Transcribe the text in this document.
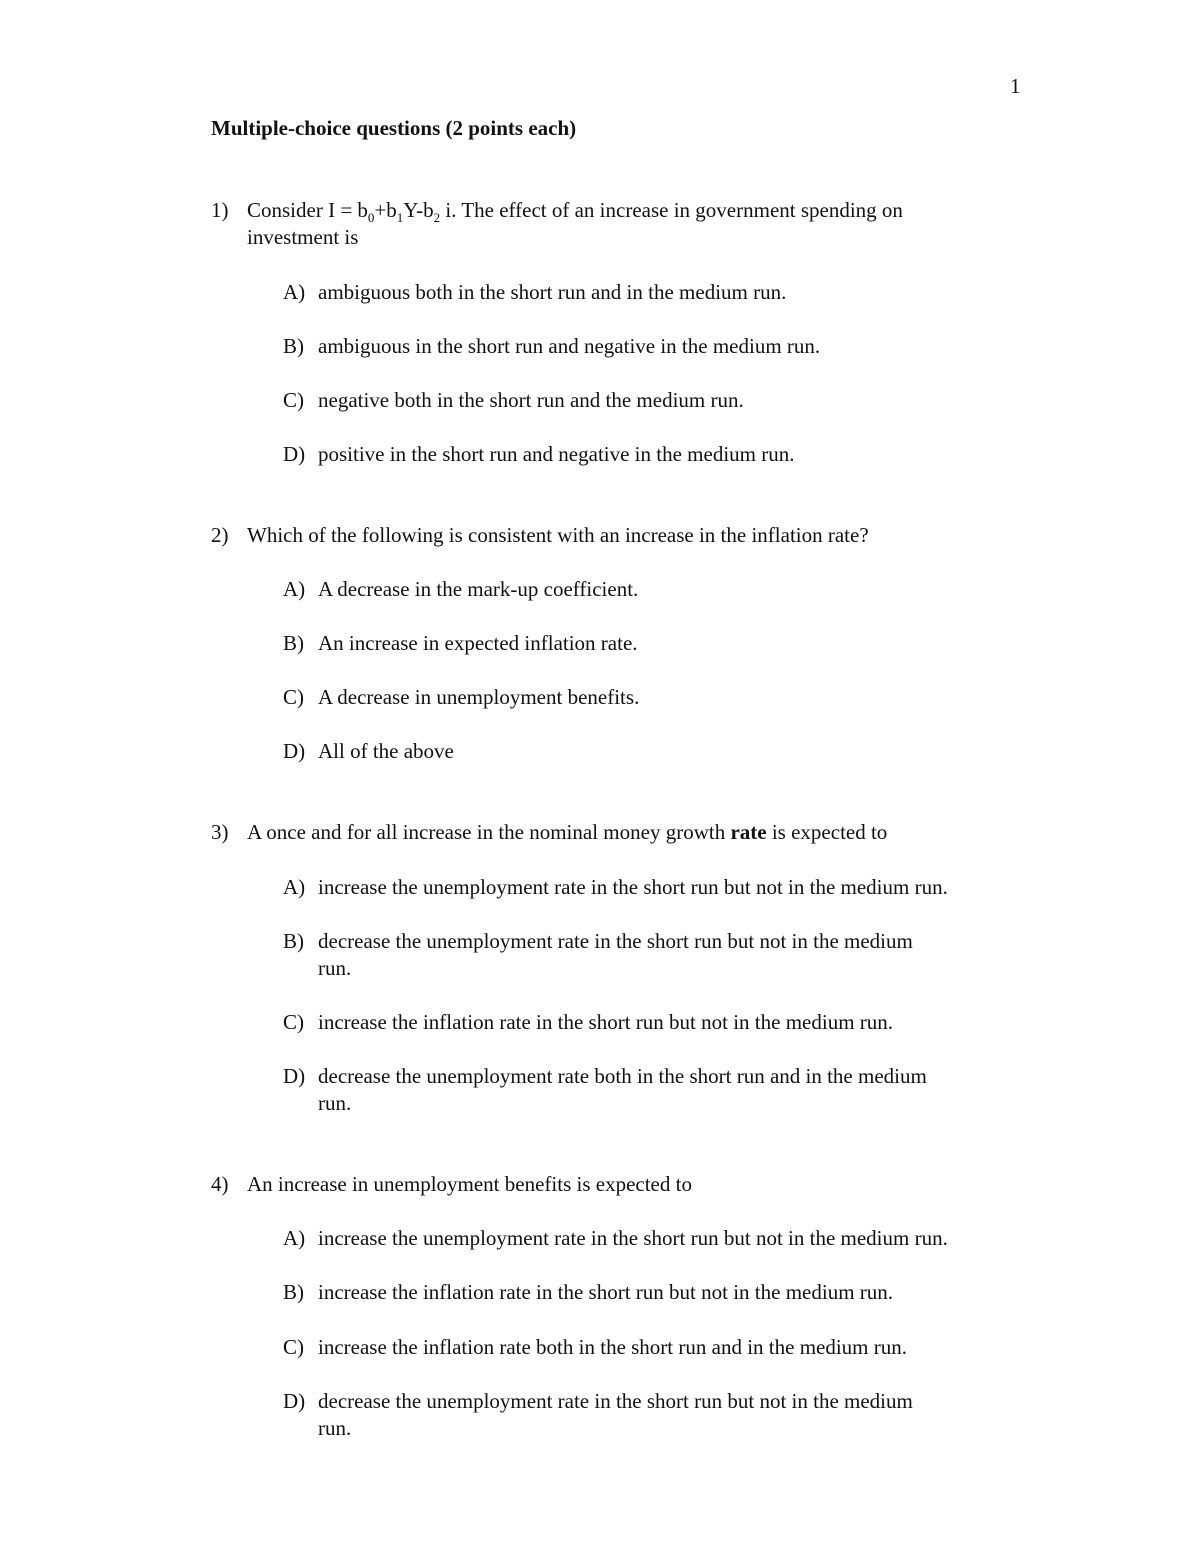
1
Multiple-choice questions (2 points each)
1) Consider $I = b_0+b_1Y-b_2$ i. The effect of an increase in government spending on
investment is
A) ambiguous both in the short run and in the medium run.
B) ambiguous in the short run and negative in the medium run.
C) negative both in the short run and the medium run.
D) positive in the short run and negative in the medium run.
2) Which of the following is consistent with an increase in the inflation rate?
A) A decrease in the mark-up coefficient.
B) An increase in expected inflation rate.
C) A decrease in unemployment benefits.
D) All of the above
3) A once and for all increase in the nominal money growth rate is expected to
A) increase the unemployment rate in the short run but not in the medium run.
B) decrease the unemployment rate in the short run but not in the medium
run.
C) increase the inflation rate in the short run but not in the medium run.
D) decrease the unemployment rate both in the short run and in the medium
run.
4) An increase in unemployment benefits is expected to
A) increase the unemployment rate in the short run but not in the medium run.
B) increase the inflation rate in the short run but not in the medium run.
C) increase the inflation rate both in the short run and in the medium run.
D) decrease the unemployment rate in the short run but not in the medium
run.
